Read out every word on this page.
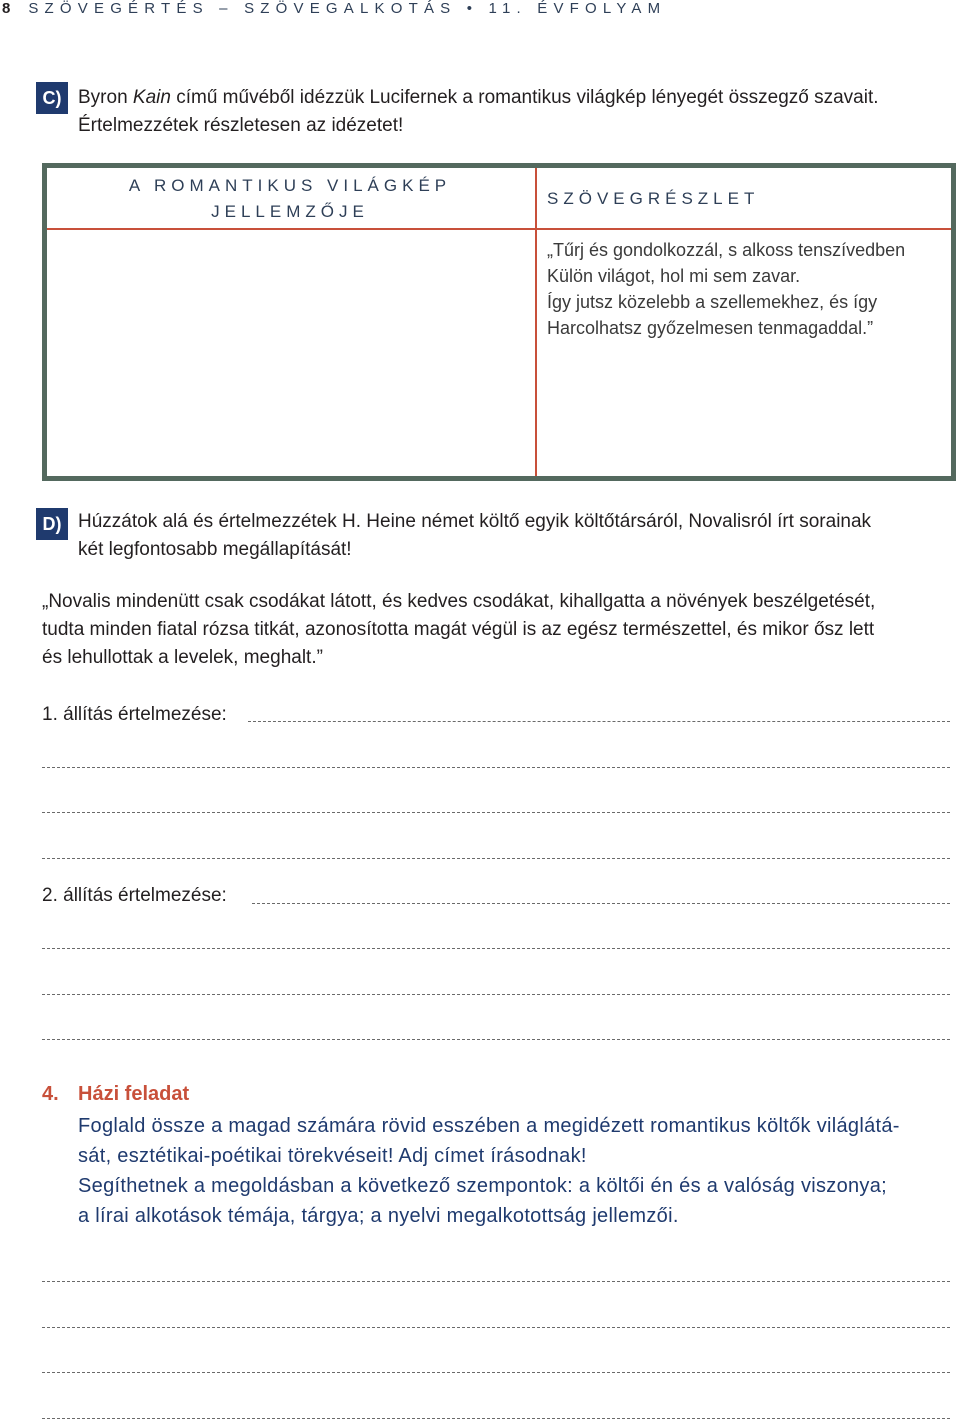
8 SZÖVEGÉRTÉS – SZÖVEGALKOTÁS • 11. ÉVFOLYAM
C) Byron Kain című művéből idézzük Lucifernek a romantikus világkép lényegét összegző szavait.
Értelmezzétek részletesen az idézetet!
A ROMANTIKUS VILÁGKÉP
JELLEMZŐJE
SZÖVEGRÉSZLET
„Tűrj és gondolkozzál, s alkoss tenszívedben
Külön világot, hol mi sem zavar.
Így jutsz közelebb a szellemekhez, és így
Harcolhatsz győzelmesen tenmagaddal.”
D) Húzzátok alá és értelmezzétek H. Heine német költő egyik költőtársáról, Novalisról írt sorainak
két legfontosabb megállapítását!
„Novalis mindenütt csak csodákat látott, és kedves csodákat, kihallgatta a növények beszélgetését,
tudta minden fiatal rózsa titkát, azonosította magát végül is az egész természettel, és mikor ősz lett
és lehullottak a levelek, meghalt.”
1. állítás értelmezése:
2. állítás értelmezése:
4. Házi feladat
Foglald össze a magad számára rövid esszében a megidézett romantikus költők világlátá-
sát, esztétikai-poétikai törekvéseit! Adj címet írásodnak!
Segíthetnek a megoldásban a következő szempontok: a költői én és a valóság viszonya;
a lírai alkotások témája, tárgya; a nyelvi megalkotottság jellemzői.
